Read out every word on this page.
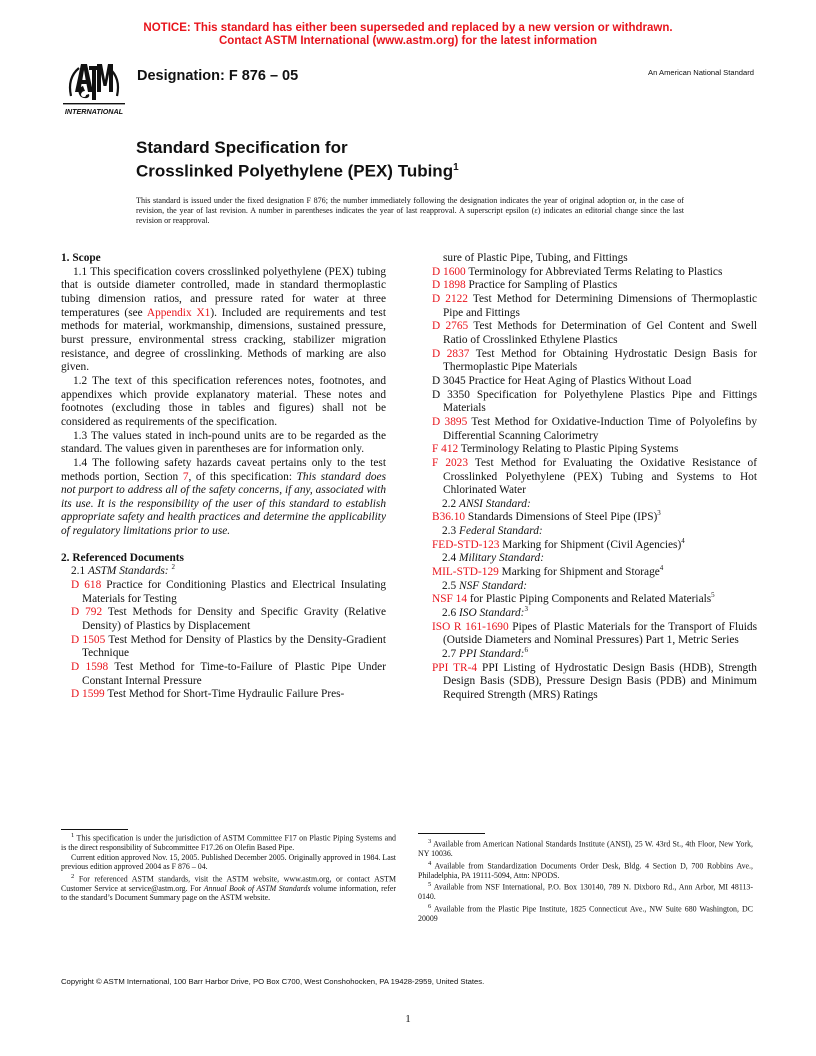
NOTICE: This standard has either been superseded and replaced by a new version or withdrawn.
Contact ASTM International (www.astm.org) for the latest information
INTERNATIONAL
Designation: F 876 – 05	An American National Standard
Standard Specification for
Crosslinked Polyethylene (PEX) Tubing$^1$
This standard is issued under the fixed designation F 876; the number immediately following the designation indicates the year of original adoption or, in the case of revision, the year of last revision. A number in parentheses indicates the year of last reapproval. A superscript epsilon (ε) indicates an editorial change since the last revision or reapproval.
1. Scope

1.1 This specification covers crosslinked polyethylene (PEX) tubing that is outside diameter controlled, made in standard thermoplastic tubing dimension ratios, and pressure rated for water at three temperatures (see Appendix X1). Included are requirements and test methods for material, workmanship, dimensions, sustained pressure, burst pressure, environmental stress cracking, stabilizer migration resistance, and degree of crosslinking. Methods of marking are also given.

1.2 The text of this specification references notes, footnotes, and appendixes which provide explanatory material. These notes and footnotes (excluding those in tables and figures) shall not be considered as requirements of the specification.

1.3 The values stated in inch-pound units are to be regarded as the standard. The values given in parentheses are for information only.

1.4 The following safety hazards caveat pertains only to the test methods portion, Section 7, of this specification: This standard does not purport to address all of the safety concerns, if any, associated with its use. It is the responsibility of the user of this standard to establish appropriate safety and health practices and determine the applicability of regulatory limitations prior to use.

2. Referenced Documents

2.1 ASTM Standards: $^2$

D 618 Practice for Conditioning Plastics and Electrical Insulating Materials for Testing

D 792 Test Methods for Density and Specific Gravity (Relative Density) of Plastics by Displacement

D 1505 Test Method for Density of Plastics by the Density-Gradient Technique

D 1598 Test Method for Time-to-Failure of Plastic Pipe Under Constant Internal Pressure

D 1599 Test Method for Short-Time Hydraulic Failure Pres-

sure of Plastic Pipe, Tubing, and Fittings

D 1600 Terminology for Abbreviated Terms Relating to Plastics

D 1898 Practice for Sampling of Plastics

D 2122 Test Method for Determining Dimensions of Thermoplastic Pipe and Fittings

D 2765 Test Methods for Determination of Gel Content and Swell Ratio of Crosslinked Ethylene Plastics

D 2837 Test Method for Obtaining Hydrostatic Design Basis for Thermoplastic Pipe Materials

D 3045 Practice for Heat Aging of Plastics Without Load

D 3350 Specification for Polyethylene Plastics Pipe and Fittings Materials

D 3895 Test Method for Oxidative-Induction Time of Polyolefins by Differential Scanning Calorimetry

F 412 Terminology Relating to Plastic Piping Systems

F 2023 Test Method for Evaluating the Oxidative Resistance of Crosslinked Polyethylene (PEX) Tubing and Systems to Hot Chlorinated Water

2.2 ANSI Standard:

B36.10 Standards Dimensions of Steel Pipe (IPS)$^3$

2.3 Federal Standard:

FED-STD-123 Marking for Shipment (Civil Agencies)$^4$

2.4 Military Standard:

MIL-STD-129 Marking for Shipment and Storage$^4$

2.5 NSF Standard:

NSF 14 for Plastic Piping Components and Related Materials$^5$

2.6 ISO Standard:$^3$

ISO R 161-1690 Pipes of Plastic Materials for the Transport of Fluids (Outside Diameters and Nominal Pressures) Part 1, Metric Series

2.7 PPI Standard:$^6$

PPI TR-4 PPI Listing of Hydrostatic Design Basis (HDB), Strength Design Basis (SDB), Pressure Design Basis (PDB) and Minimum Required Strength (MRS) Ratings

$^1$ This specification is under the jurisdiction of ASTM Committee F17 on Plastic Piping Systems and is the direct responsibility of Subcommittee F17.26 on Olefin Based Pipe.

Current edition approved Nov. 15, 2005. Published December 2005. Originally approved in 1984. Last previous edition approved 2004 as F 876 – 04.

$^2$ For referenced ASTM standards, visit the ASTM website, www.astm.org, or contact ASTM Customer Service at service@astm.org. For Annual Book of ASTM Standards volume information, refer to the standard’s Document Summary page on the ASTM website.

$^3$ Available from American National Standards Institute (ANSI), 25 W. 43rd St., 4th Floor, New York, NY 10036.

$^4$ Available from Standardization Documents Order Desk, Bldg. 4 Section D, 700 Robbins Ave., Philadelphia, PA 19111-5094, Attn: NPODS.

$^5$ Available from NSF International, P.O. Box 130140, 789 N. Dixboro Rd., Ann Arbor, MI 48113-0140.

$^6$ Available from the Plastic Pipe Institute, 1825 Connecticut Ave., NW Suite 680 Washington, DC 20009

Copyright © ASTM International, 100 Barr Harbor Drive, PO Box C700, West Conshohocken, PA 19428-2959, United States.
1
